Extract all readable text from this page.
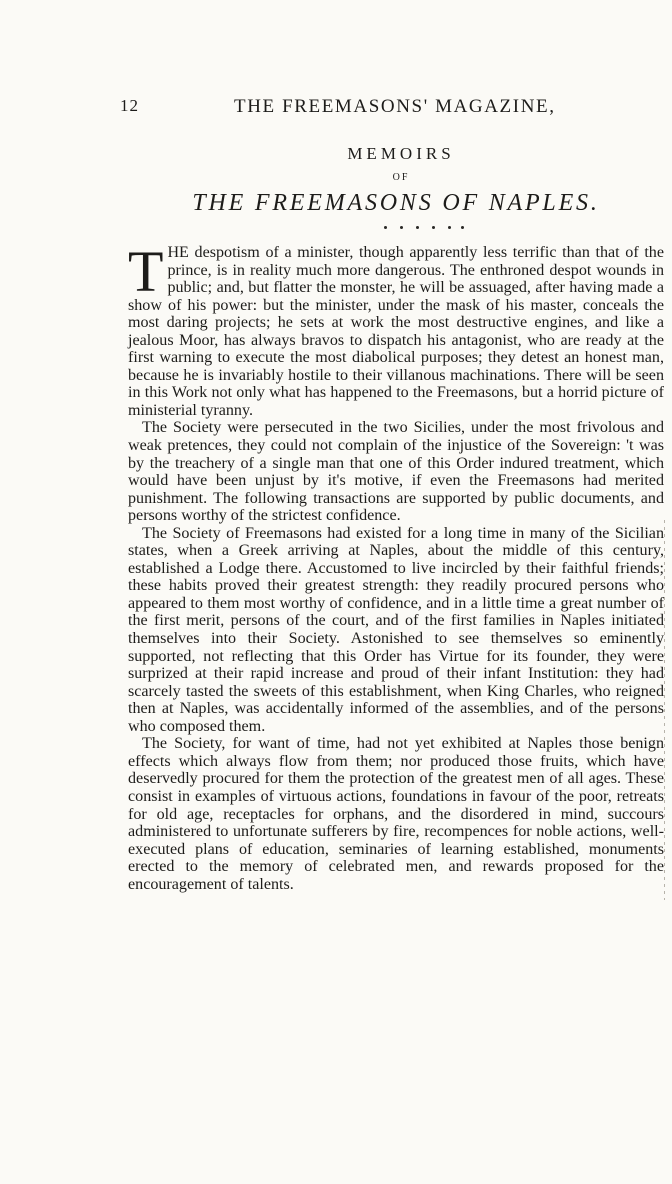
12	THE FREEMASONS' MAGAZINE,
MEMOIRS
OF
THE FREEMASONS OF NAPLES.

THE despotism of a minister, though apparently less terrific than that of the prince, is in reality much more dangerous. The enthroned despot wounds in public; and, but flatter the monster, he will be assuaged, after having made a show of his power: but the minister, under the mask of his master, conceals the most daring projects; he sets at work the most destructive engines, and like a jealous Moor, has always bravos to dispatch his antagonist, who are ready at the first warning to execute the most diabolical purposes; they detest an honest man, because he is invariably hostile to their villanous machinations. There will be seen in this Work not only what has happened to the Freemasons, but a horrid picture of ministerial tyranny.

The Society were persecuted in the two Sicilies, under the most frivolous and weak pretences, they could not complain of the injustice of the Sovereign: 't was by the treachery of a single man that one of this Order indured treatment, which would have been unjust by it's motive, if even the Freemasons had merited punishment. The following transactions are supported by public documents, and persons worthy of the strictest confidence.

The Society of Freemasons had existed for a long time in many of the Sicilian states, when a Greek arriving at Naples, about the middle of this century, established a Lodge there. Accustomed to live incircled by their faithful friends; these habits proved their greatest strength: they readily procured persons who appeared to them most worthy of confidence, and in a little time a great number of the first merit, persons of the court, and of the first families in Naples initiated themselves into their Society. Astonished to see themselves so eminently supported, not reflecting that this Order has Virtue for its founder, they were surprized at their rapid increase and proud of their infant Institution: they had scarcely tasted the sweets of this establishment, when King Charles, who reigned then at Naples, was accidentally informed of the assemblies, and of the persons who composed them.

The Society, for want of time, had not yet exhibited at Naples those benign effects which always flow from them; nor produced those fruits, which have deservedly procured for them the protection of the greatest men of all ages. These consist in examples of virtuous actions, foundations in favour of the poor, retreats for old age, receptacles for orphans, and the disordered in mind, succours administered to unfortunate sufferers by fire, recompences for noble actions, well-executed plans of education, seminaries of learning established, monuments erected to the memory of celebrated men, and rewards proposed for the encouragement of talents.
